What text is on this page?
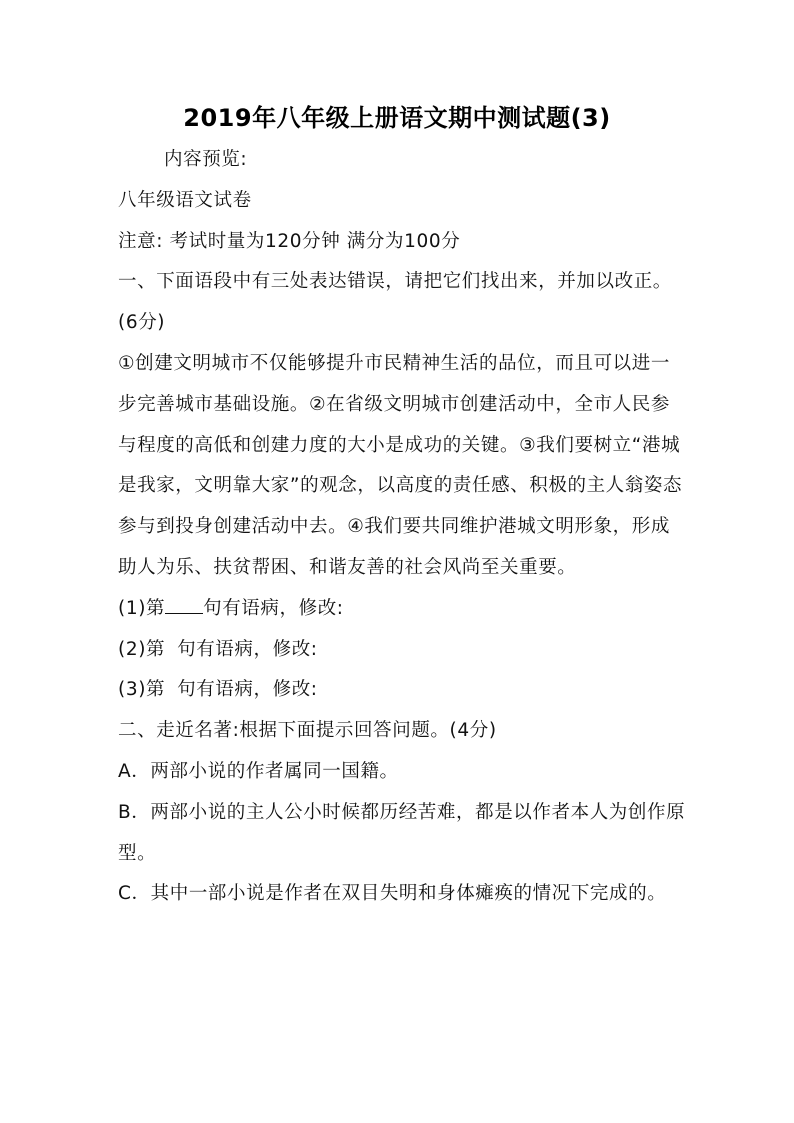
2019年八年级上册语文期中测试题(3)

内容预览:

八年级语文试卷

注意: 考试时量为120分钟 满分为100分

一、下面语段中有三处表达错误，请把它们找出来，并加以改正。(6分)

①创建文明城市不仅能够提升市民精神生活的品位，而且可以进一步完善城市基础设施。②在省级文明城市创建活动中，全市人民参与程度的高低和创建力度的大小是成功的关键。③我们要树立“港城是我家，文明靠大家”的观念，以高度的责任感、积极的主人翁姿态参与到投身创建活动中去。④我们要共同维护港城文明形象，形成助人为乐、扶贫帮困、和谐友善的社会风尚至关重要。

(1)第 句有语病，修改:

(2)第 句有语病，修改:

(3)第 句有语病，修改:

二、走近名著:根据下面提示回答问题。(4分)

A．两部小说的作者属同一国籍。

B．两部小说的主人公小时候都历经苦难，都是以作者本人为创作原型。

C．其中一部小说是作者在双目失明和身体瘫痪的情况下完成的。
